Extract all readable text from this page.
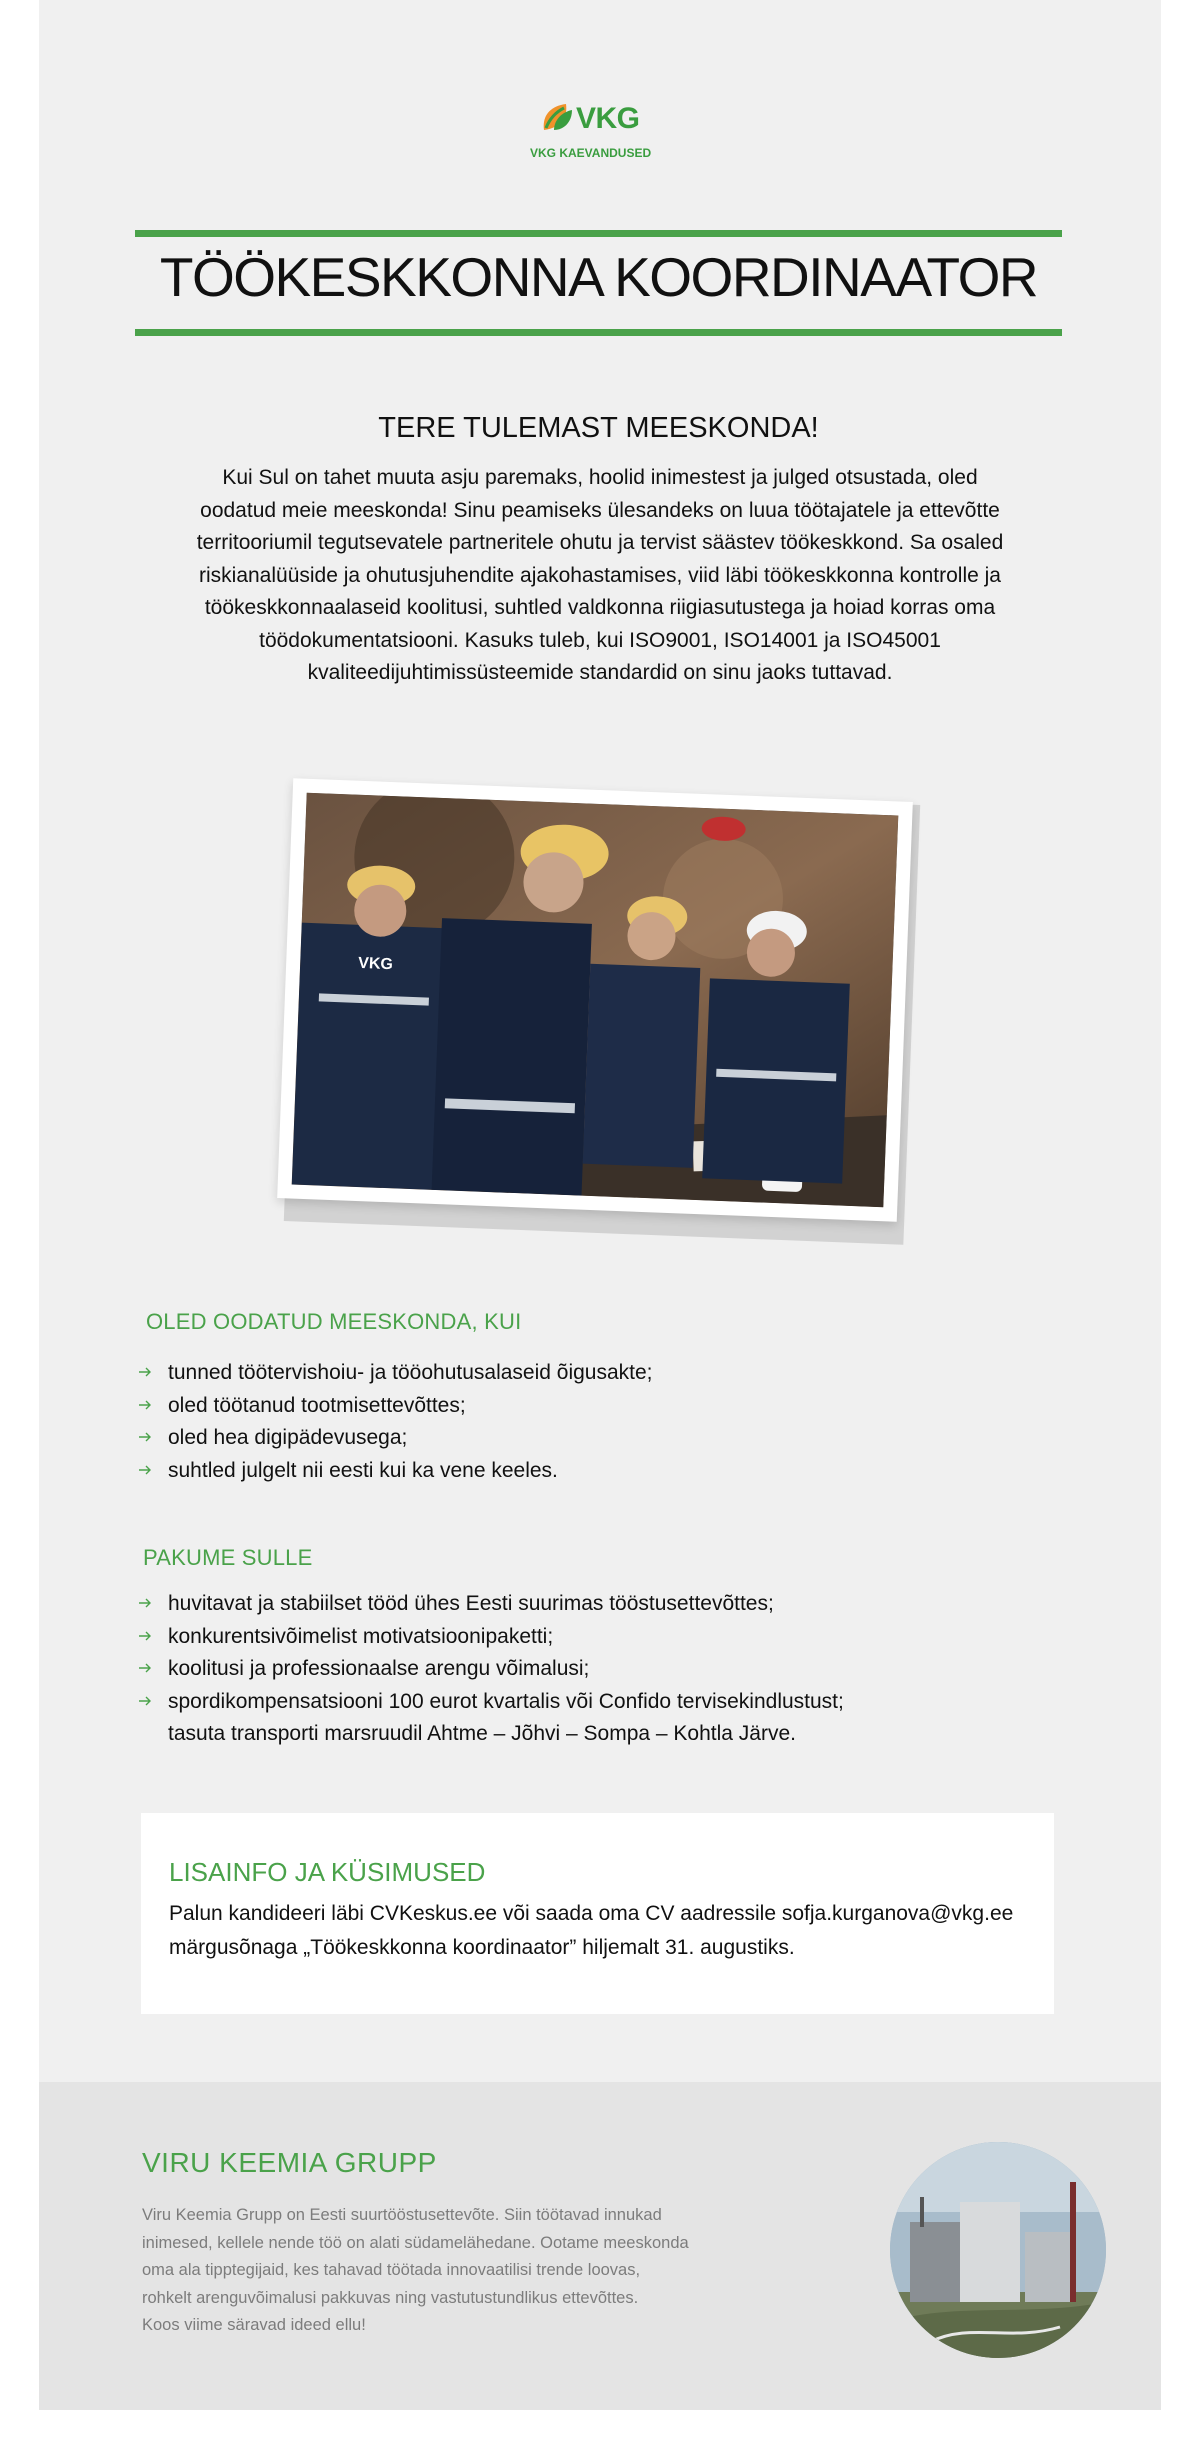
VKG
VKG KAEVANDUSED
TÖÖKESKKONNA KOORDINAATOR
TERE TULEMAST MEESKONDA!
Kui Sul on tahet muuta asju paremaks, hoolid inimestest ja julged otsustada, oled oodatud meie meeskonda! Sinu peamiseks ülesandeks on luua töötajatele ja ettevõtte territooriumil tegutsevatele partneritele ohutu ja tervist säästev töökeskkond. Sa osaled riskianalüüside ja ohutusjuhendite ajakohastamises, viid läbi töökeskkonna kontrolle ja töökeskkonnaalaseid koolitusi, suhtled valdkonna riigiasutustega ja hoiad korras oma töödokumentatsiooni. Kasuks tuleb, kui ISO9001, ISO14001 ja ISO45001 kvaliteedijuhtimissüsteemide standardid on sinu jaoks tuttavad.
VKG
OLED OODATUD MEESKONDA, KUI
tunned töötervishoiu- ja tööohutusalaseid õigusakte;
oled töötanud tootmisettevõttes;
oled hea digipädevusega;
suhtled julgelt nii eesti kui ka vene keeles.
PAKUME SULLE
huvitavat ja stabiilset tööd ühes Eesti suurimas tööstusettevõttes;
konkurentsivõimelist motivatsioonipaketti;
koolitusi ja professionaalse arengu võimalusi;
spordikompensatsiooni 100 eurot kvartalis või Confido tervisekindlustust;
tasuta transporti marsruudil Ahtme – Jõhvi – Sompa – Kohtla Järve.
LISAINFO JA KÜSIMUSED
Palun kandideeri läbi CVKeskus.ee või saada oma CV aadressile sofja.kurganova@vkg.ee
märgusõnaga „Töökeskkonna koordinaator” hiljemalt 31. augustiks.
VIRU KEEMIA GRUPP
Viru Keemia Grupp on Eesti suurtööstusettevõte. Siin töötavad innukad
inimesed, kellele nende töö on alati südamelähedane. Ootame meeskonda
oma ala tipptegijaid, kes tahavad töötada innovaatilisi trende loovas,
rohkelt arenguvõimalusi pakkuvas ning vastutustundlikus ettevõttes.
Koos viime säravad ideed ellu!
